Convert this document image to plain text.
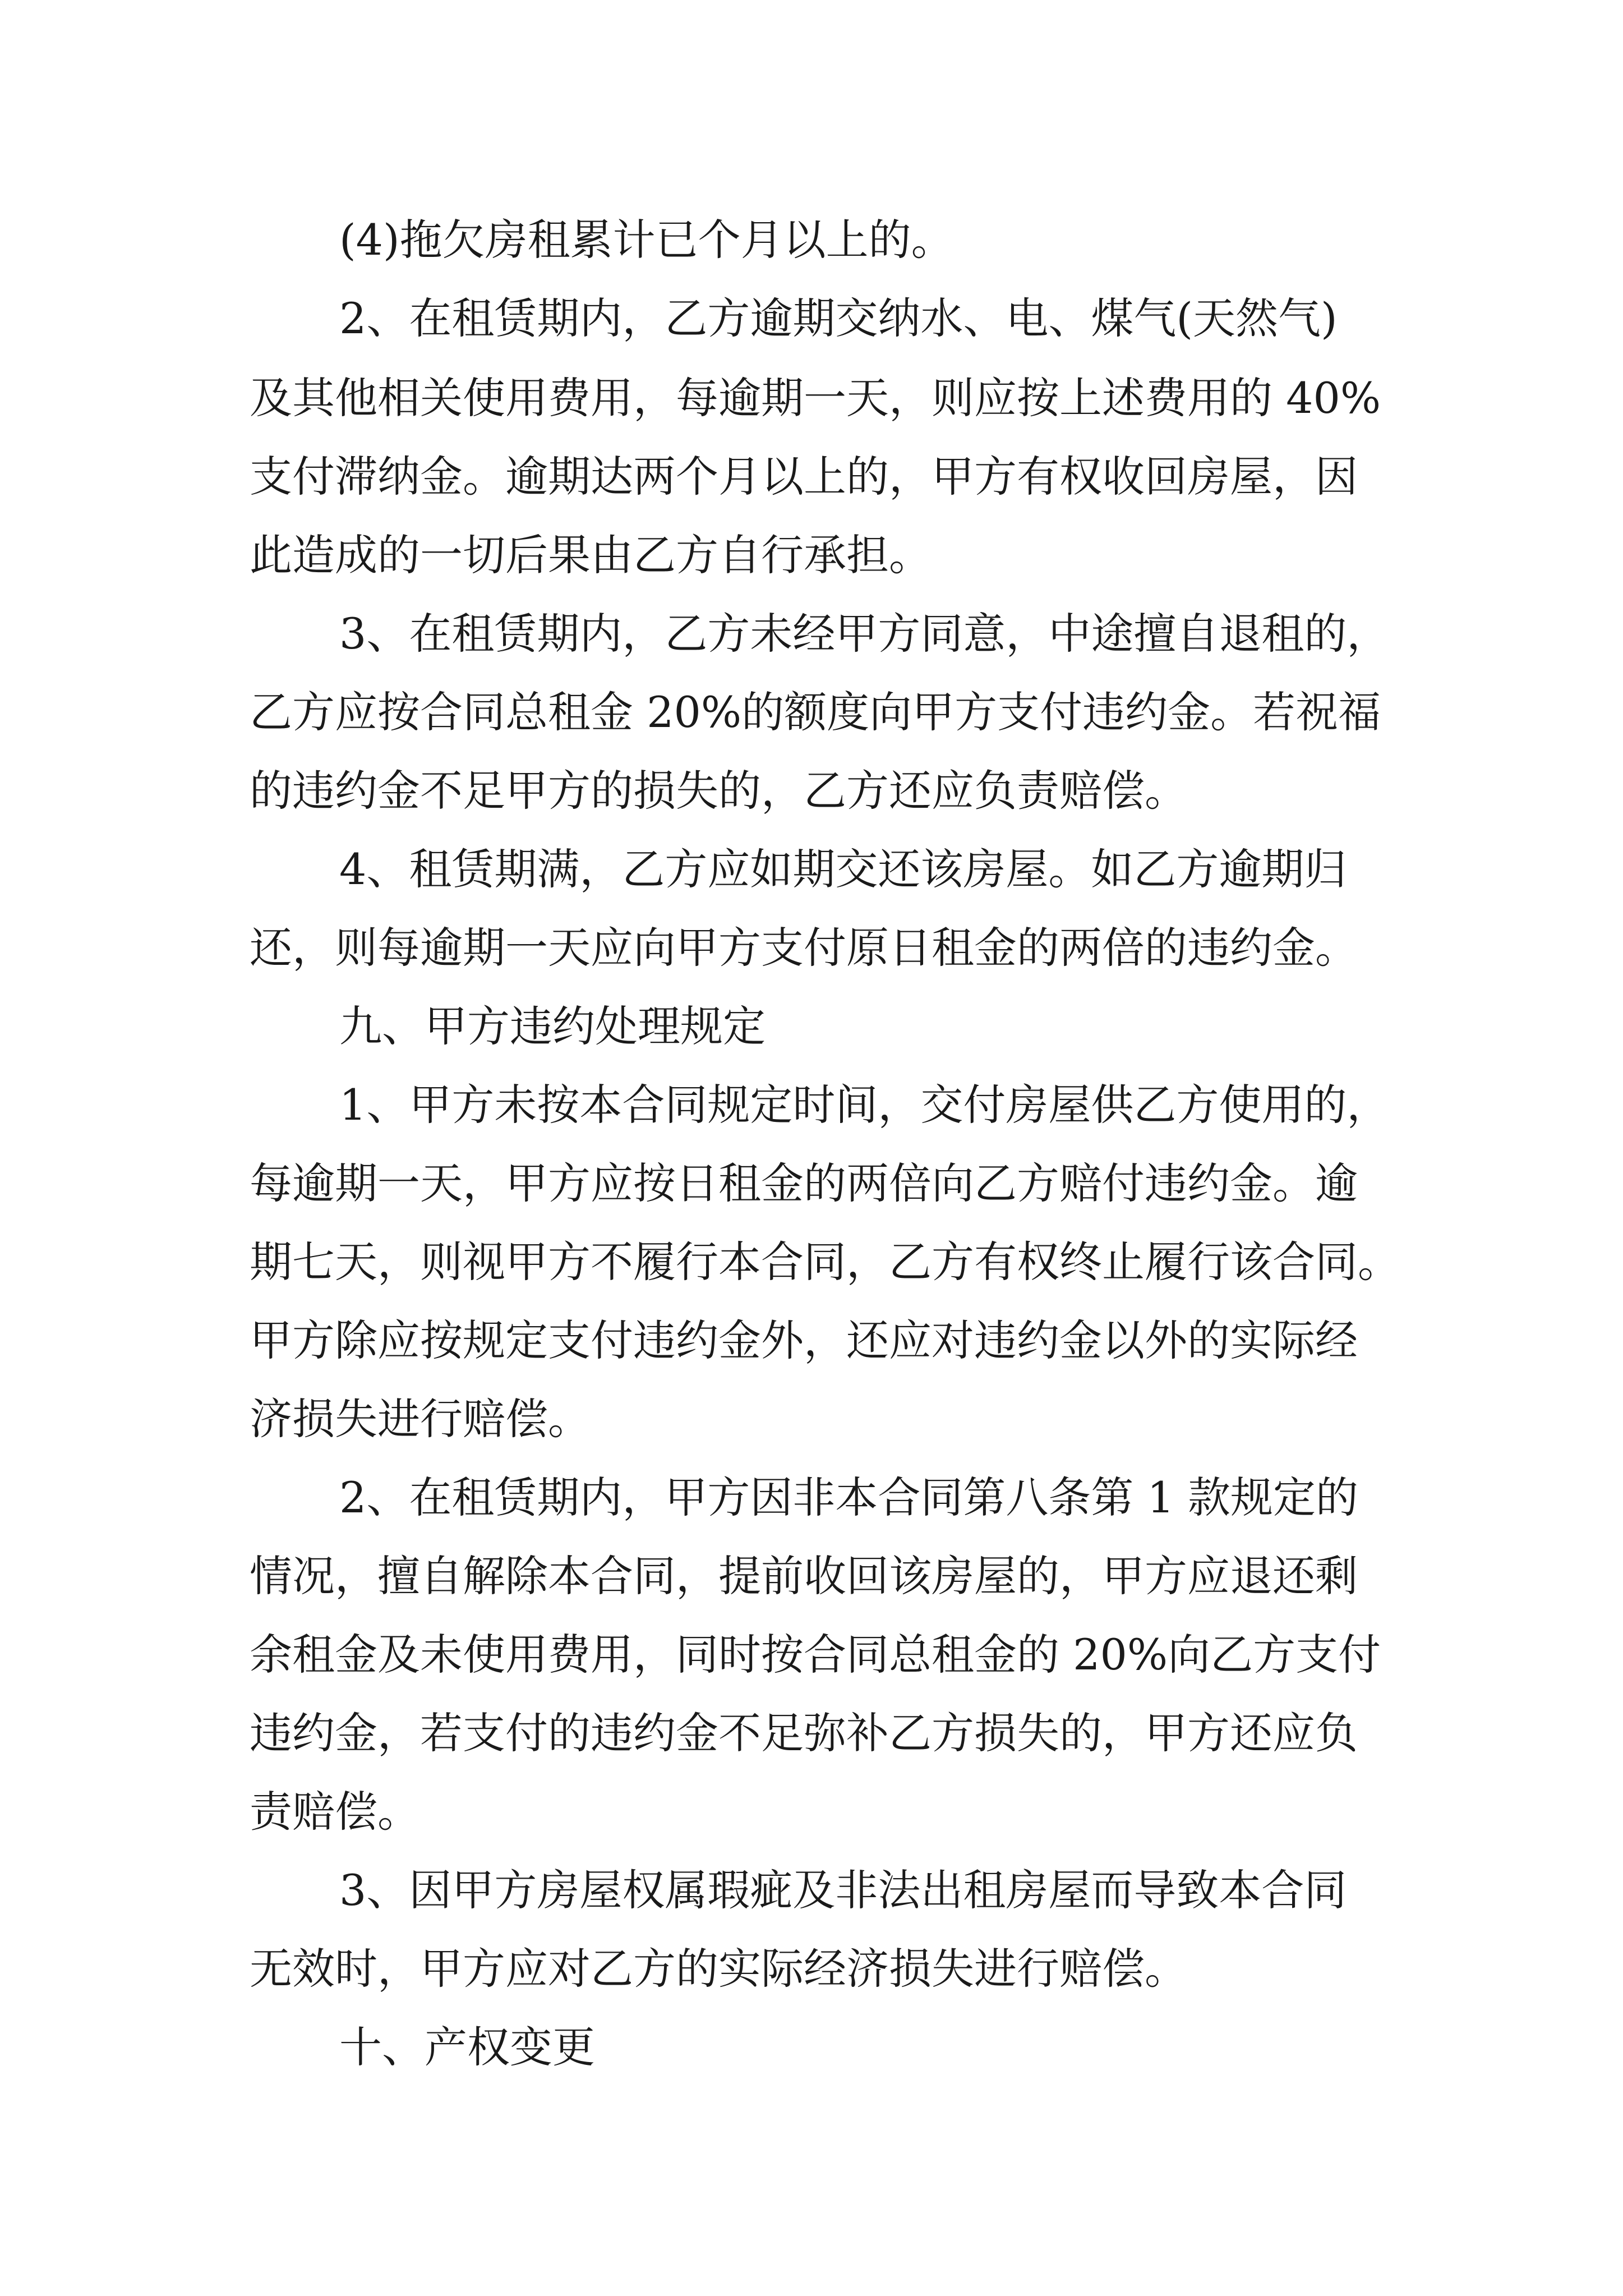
(4)拖欠房租累计已个月以上的。
2、在租赁期内，乙方逾期交纳水、电、煤气(天然气)
及其他相关使用费用，每逾期一天，则应按上述费用的 40%
支付滞纳金。逾期达两个月以上的，甲方有权收回房屋，因
此造成的一切后果由乙方自行承担。
3、在租赁期内，乙方未经甲方同意，中途擅自退租的，
乙方应按合同总租金 20%的额度向甲方支付违约金。若祝福
的违约金不足甲方的损失的，乙方还应负责赔偿。
4、租赁期满，乙方应如期交还该房屋。如乙方逾期归
还，则每逾期一天应向甲方支付原日租金的两倍的违约金。
九、甲方违约处理规定
1、甲方未按本合同规定时间，交付房屋供乙方使用的，
每逾期一天，甲方应按日租金的两倍向乙方赔付违约金。逾
期七天，则视甲方不履行本合同，乙方有权终止履行该合同。
甲方除应按规定支付违约金外，还应对违约金以外的实际经
济损失进行赔偿。
2、在租赁期内，甲方因非本合同第八条第 1 款规定的
情况，擅自解除本合同，提前收回该房屋的，甲方应退还剩
余租金及未使用费用，同时按合同总租金的 20%向乙方支付
违约金，若支付的违约金不足弥补乙方损失的，甲方还应负
责赔偿。
3、因甲方房屋权属瑕疵及非法出租房屋而导致本合同
无效时，甲方应对乙方的实际经济损失进行赔偿。
十、产权变更
